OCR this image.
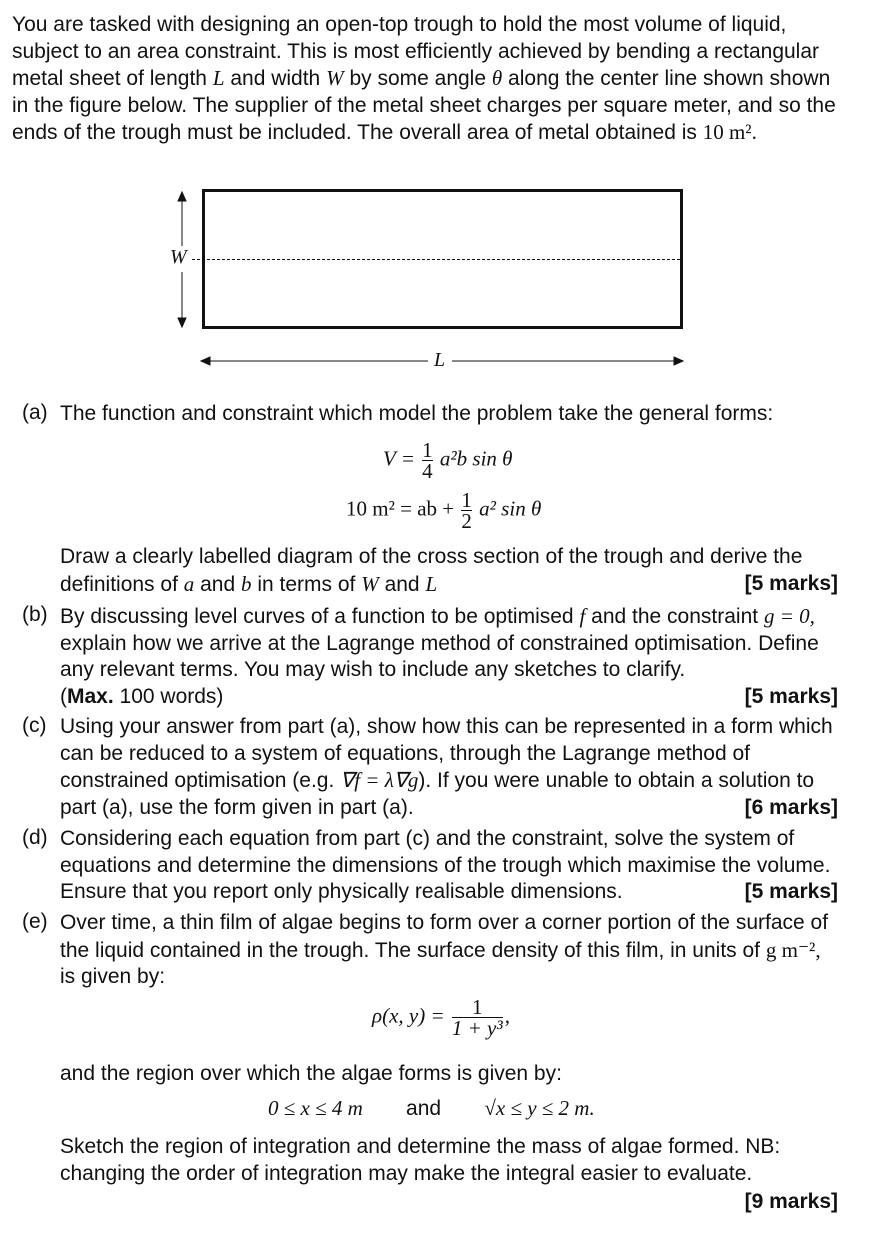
You are tasked with designing an open-top trough to hold the most volume of liquid, subject to an area constraint. This is most efficiently achieved by bending a rectangular metal sheet of length L and width W by some angle θ along the center line shown shown in the figure below. The supplier of the metal sheet charges per square meter, and so the ends of the trough must be included. The overall area of metal obtained is 10 m².

W
L
(a) The function and constraint which model the problem take the general forms:

$V = \frac{1}{4} a^2b$ sin θ
10 m² = ab + $\frac{1}{2} a^2$ sin θ

Draw a clearly labelled diagram of the cross section of the trough and derive the definitions of a and b in terms of W and L	[5 marks]

(b) By discussing level curves of a function to be optimised f and the constraint g = 0, explain how we arrive at the Lagrange method of constrained optimisation. Define any relevant terms. You may wish to include any sketches to clarify.
(Max. 100 words)	[5 marks]

(c) Using your answer from part (a), show how this can be represented in a form which can be reduced to a system of equations, through the Lagrange method of constrained optimisation (e.g. ∇f = λ∇g). If you were unable to obtain a solution to part (a), use the form given in part (a).	[6 marks]

(d) Considering each equation from part (c) and the constraint, solve the system of equations and determine the dimensions of the trough which maximise the volume. Ensure that you report only physically realisable dimensions.	[5 marks]

(e) Over time, a thin film of algae begins to form over a corner portion of the surface of the liquid contained in the trough. The surface density of this film, in units of g m⁻², is given by:

ρ(x, $y) = \frac{1}{\text{1 + y³}}$ ,

and the region over which the algae forms is given by:

0 ≤ x ≤ 4 m and √x ≤ y ≤ 2 m.

Sketch the region of integration and determine the mass of algae formed. NB: changing the order of integration may make the integral easier to evaluate.

[9 marks]
